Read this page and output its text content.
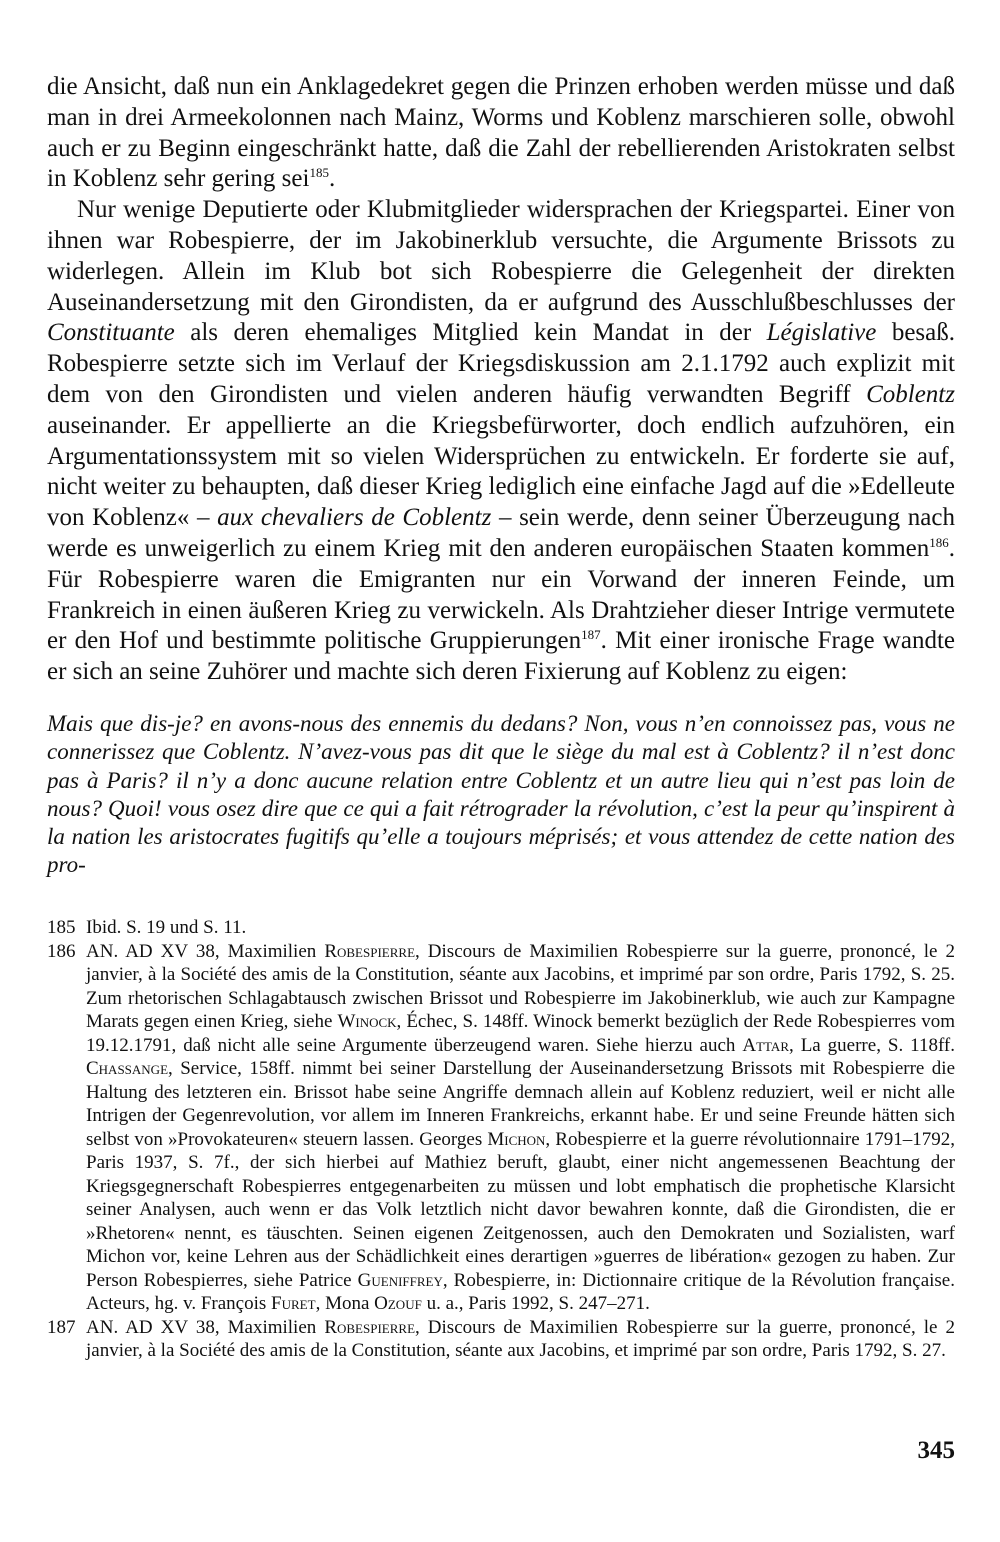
die Ansicht, daß nun ein Anklagedekret gegen die Prinzen erhoben werden müsse und daß man in drei Armeekolonnen nach Mainz, Worms und Koblenz marschieren solle, obwohl auch er zu Beginn eingeschränkt hatte, daß die Zahl der rebellierenden Aristokraten selbst in Koblenz sehr gering sei$^{185}$.

Nur wenige Deputierte oder Klubmitglieder widersprachen der Kriegspartei. Einer von ihnen war Robespierre, der im Jakobinerklub versuchte, die Argumente Brissots zu widerlegen. Allein im Klub bot sich Robespierre die Gelegenheit der direkten Auseinandersetzung mit den Girondisten, da er aufgrund des Ausschlußbeschlusses der Constituante als deren ehemaliges Mitglied kein Mandat in der Législative besaß. Robespierre setzte sich im Verlauf der Kriegsdiskussion am 2.1.1792 auch explizit mit dem von den Girondisten und vielen anderen häufig verwandten Begriff Coblentz auseinander. Er appellierte an die Kriegsbefürworter, doch endlich aufzuhören, ein Argumentationssystem mit so vielen Widersprüchen zu entwickeln. Er forderte sie auf, nicht weiter zu behaupten, daß dieser Krieg lediglich eine einfache Jagd auf die »Edelleute von Koblenz« – aux chevaliers de Coblentz – sein werde, denn seiner Überzeugung nach werde es unweigerlich zu einem Krieg mit den anderen europäischen Staaten kommen$^{186}$. Für Robespierre waren die Emigranten nur ein Vorwand der inneren Feinde, um Frankreich in einen äußeren Krieg zu verwickeln. Als Drahtzieher dieser Intrige vermutete er den Hof und bestimmte politische Gruppierungen$^{187}$. Mit einer ironische Frage wandte er sich an seine Zuhörer und machte sich deren Fixierung auf Koblenz zu eigen:

Mais que dis-je? en avons-nous des ennemis du dedans? Non, vous n’en connoissez pas, vous ne connerissez que Coblentz. N’avez-vous pas dit que le siège du mal est à Coblentz? il n’est donc pas à Paris? il n’y a donc aucune relation entre Coblentz et un autre lieu qui n’est pas loin de nous? Quoi! vous osez dire que ce qui a fait rétrograder la révolution, c’est la peur qu’inspirent à la nation les aristocrates fugitifs qu’elle a toujours méprisés; et vous attendez de cette nation des pro-

185 Ibid. S. 19 und S. 11.

186 AN. AD XV 38, Maximilien Robespierre, Discours de Maximilien Robespierre sur la guerre, prononcé, le 2 janvier, à la Société des amis de la Constitution, séante aux Jacobins, et imprimé par son ordre, Paris 1792, S. 25. Zum rhetorischen Schlagabtausch zwischen Brissot und Robespierre im Jakobinerklub, wie auch zur Kampagne Marats gegen einen Krieg, siehe Winock, Échec, S. 148ff. Winock bemerkt bezüglich der Rede Robespierres vom 19.12.1791, daß nicht alle seine Argumente überzeugend waren. Siehe hierzu auch Attar, La guerre, S. 118ff. Chassange, Service, 158ff. nimmt bei seiner Darstellung der Auseinandersetzung Brissots mit Robespierre die Haltung des letzteren ein. Brissot habe seine Angriffe demnach allein auf Koblenz reduziert, weil er nicht alle Intrigen der Gegenrevolution, vor allem im Inneren Frankreichs, erkannt habe. Er und seine Freunde hätten sich selbst von »Provokateuren« steuern lassen. Georges Michon, Robespierre et la guerre révolutionnaire 1791–1792, Paris 1937, S. 7f., der sich hierbei auf Mathiez beruft, glaubt, einer nicht angemessenen Beachtung der Kriegsgegnerschaft Robespierres entgegenarbeiten zu müssen und lobt emphatisch die prophetische Klarsicht seiner Analysen, auch wenn er das Volk letztlich nicht davor bewahren konnte, daß die Girondisten, die er »Rhetoren« nennt, es täuschten. Seinen eigenen Zeitgenossen, auch den Demokraten und Sozialisten, warf Michon vor, keine Lehren aus der Schädlichkeit eines derartigen »guerres de libération« gezogen zu haben. Zur Person Robespierres, siehe Patrice Gueniffrey, Robespierre, in: Dictionnaire critique de la Révolution française. Acteurs, hg. v. François Furet, Mona Ozouf u. a., Paris 1992, S. 247–271.

187 AN. AD XV 38, Maximilien Robespierre, Discours de Maximilien Robespierre sur la guerre, prononcé, le 2 janvier, à la Société des amis de la Constitution, séante aux Jacobins, et imprimé par son ordre, Paris 1792, S. 27.

345
